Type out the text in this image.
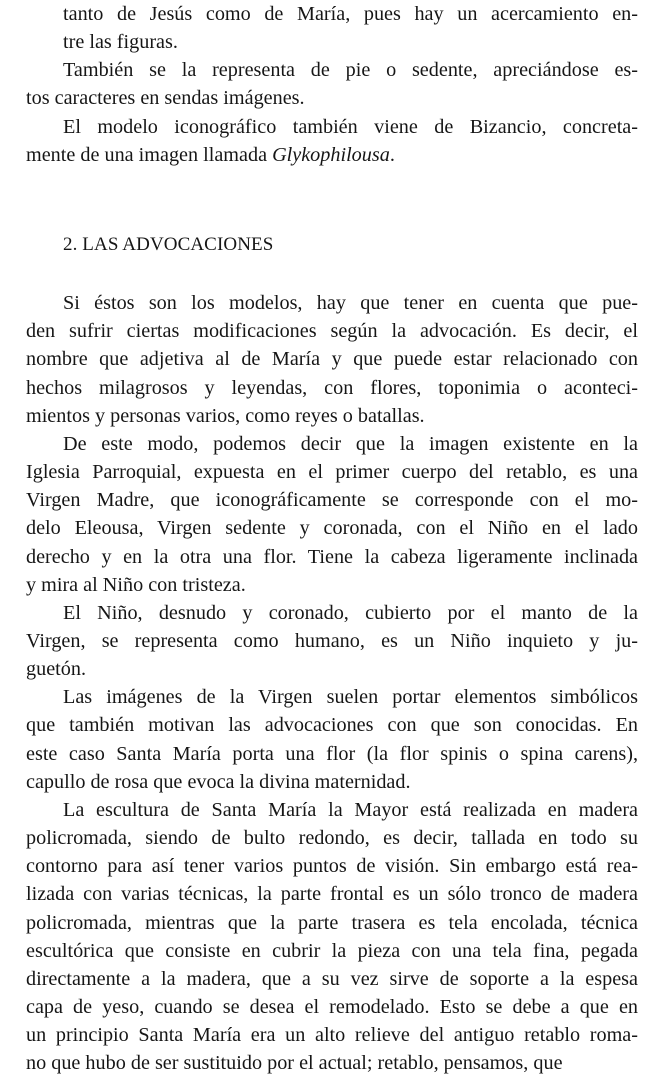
tanto de Jesús como de María, pues hay un acercamiento en-
tre las figuras.
También se la representa de pie o sedente, apreciándose es-
tos caracteres en sendas imágenes.
El modelo iconográfico también viene de Bizancio, concreta-
mente de una imagen llamada Glykophilousa.
2. LAS ADVOCACIONES
Si éstos son los modelos, hay que tener en cuenta que pue-
den sufrir ciertas modificaciones según la advocación. Es decir, el
nombre que adjetiva al de María y que puede estar relacionado con
hechos milagrosos y leyendas, con flores, toponimia o aconteci-
mientos y personas varios, como reyes o batallas.
De este modo, podemos decir que la imagen existente en la
Iglesia Parroquial, expuesta en el primer cuerpo del retablo, es una
Virgen Madre, que iconográficamente se corresponde con el mo-
delo Eleousa, Virgen sedente y coronada, con el Niño en el lado
derecho y en la otra una flor. Tiene la cabeza ligeramente inclinada
y mira al Niño con tristeza.
El Niño, desnudo y coronado, cubierto por el manto de la
Virgen, se representa como humano, es un Niño inquieto y ju-
guetón.
Las imágenes de la Virgen suelen portar elementos simbólicos
que también motivan las advocaciones con que son conocidas. En
este caso Santa María porta una flor (la flor spinis o spina carens),
capullo de rosa que evoca la divina maternidad.
La escultura de Santa María la Mayor está realizada en madera
policromada, siendo de bulto redondo, es decir, tallada en todo su
contorno para así tener varios puntos de visión. Sin embargo está rea-
lizada con varias técnicas, la parte frontal es un sólo tronco de madera
policromada, mientras que la parte trasera es tela encolada, técnica
escultórica que consiste en cubrir la pieza con una tela fina, pegada
directamente a la madera, que a su vez sirve de soporte a la espesa
capa de yeso, cuando se desea el remodelado. Esto se debe a que en
un principio Santa María era un alto relieve del antiguo retablo roma-
no que hubo de ser sustituido por el actual; retablo, pensamos, que
